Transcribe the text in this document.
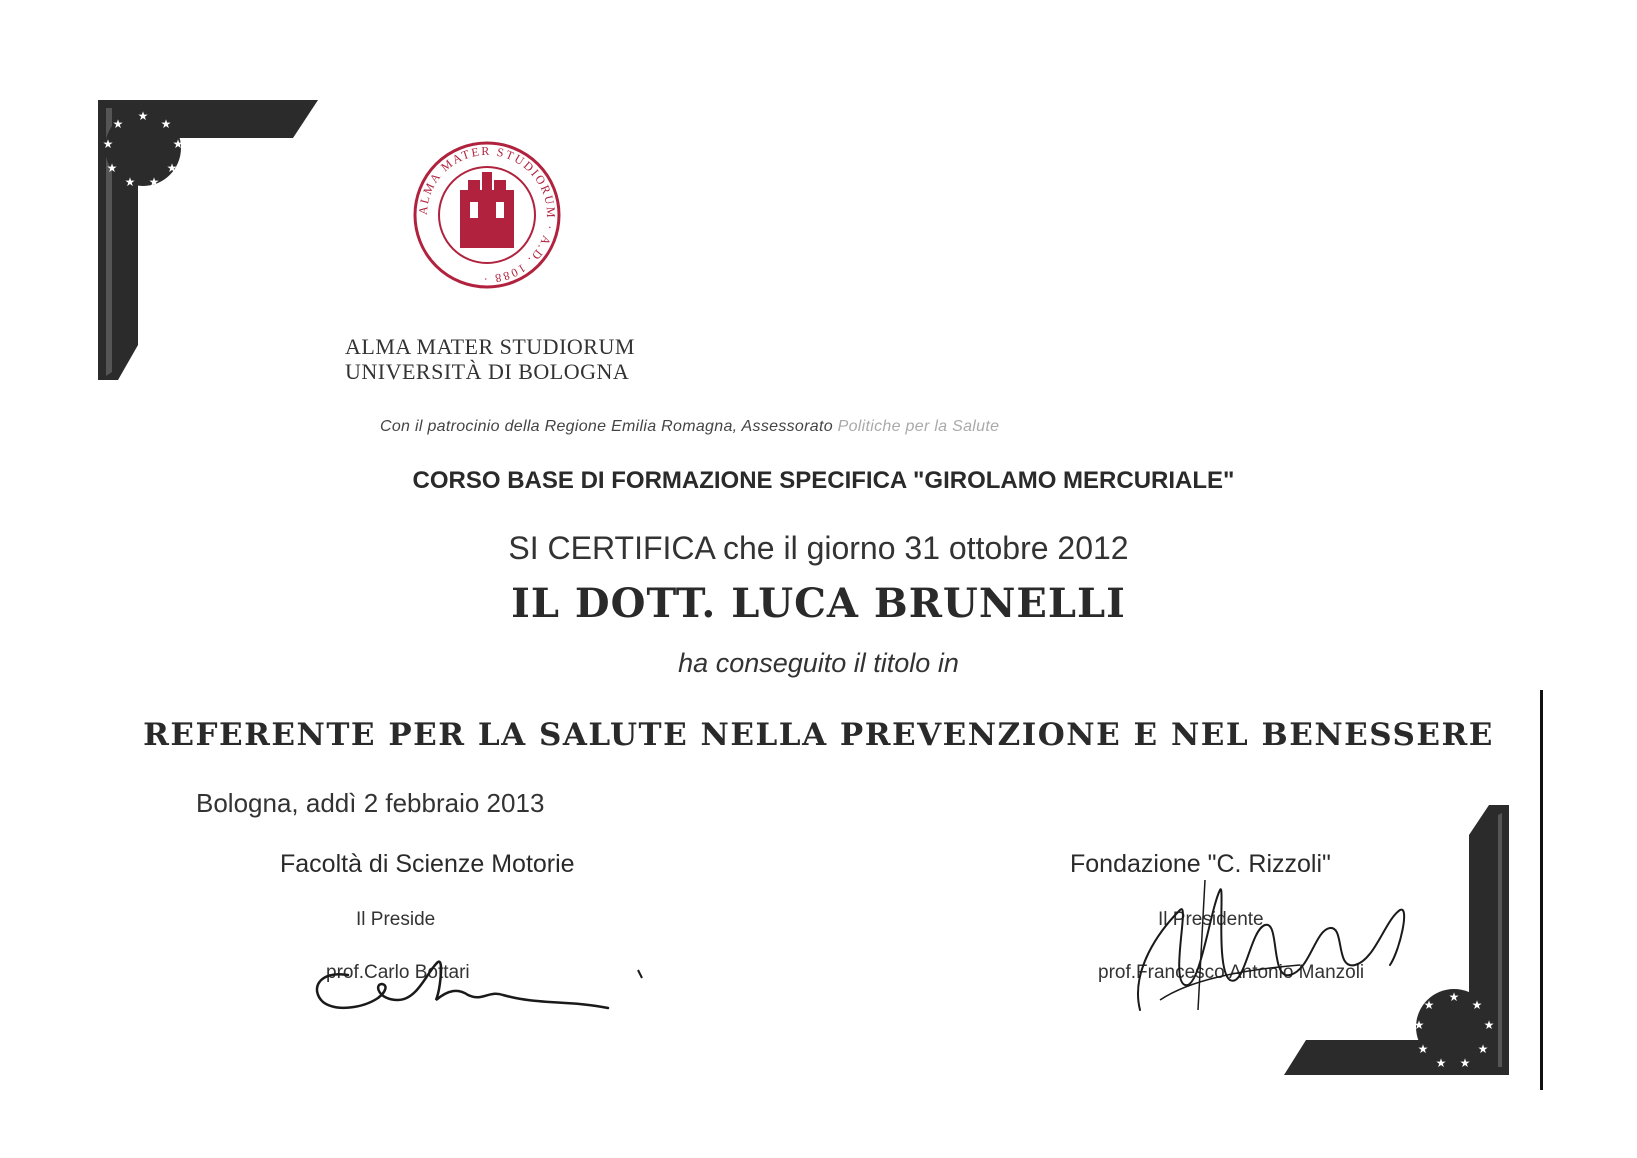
★
★
★
★
★
★
★
★
★
ALMA MATER STUDIORUM · A.D. 1088 ·
ALMA MATER STUDIORUM
UNIVERSITÀ DI BOLOGNA
Con il patrocinio della Regione Emilia Romagna, Assessorato Politiche per la Salute
CORSO BASE DI FORMAZIONE SPECIFICA "GIROLAMO MERCURIALE"
SI CERTIFICA che il giorno 31 ottobre 2012
IL DOTT. LUCA BRUNELLI
ha conseguito il titolo in
REFERENTE PER LA SALUTE NELLA PREVENZIONE E NEL BENESSERE
Bologna, addì 2 febbraio 2013
Facoltà di Scienze Motorie
Il Preside
prof.Carlo Bottari
Fondazione "C. Rizzoli"
Il Presidente
prof.Francesco Antonio Manzoli
★
★
★
★
★
★
★
★
★
